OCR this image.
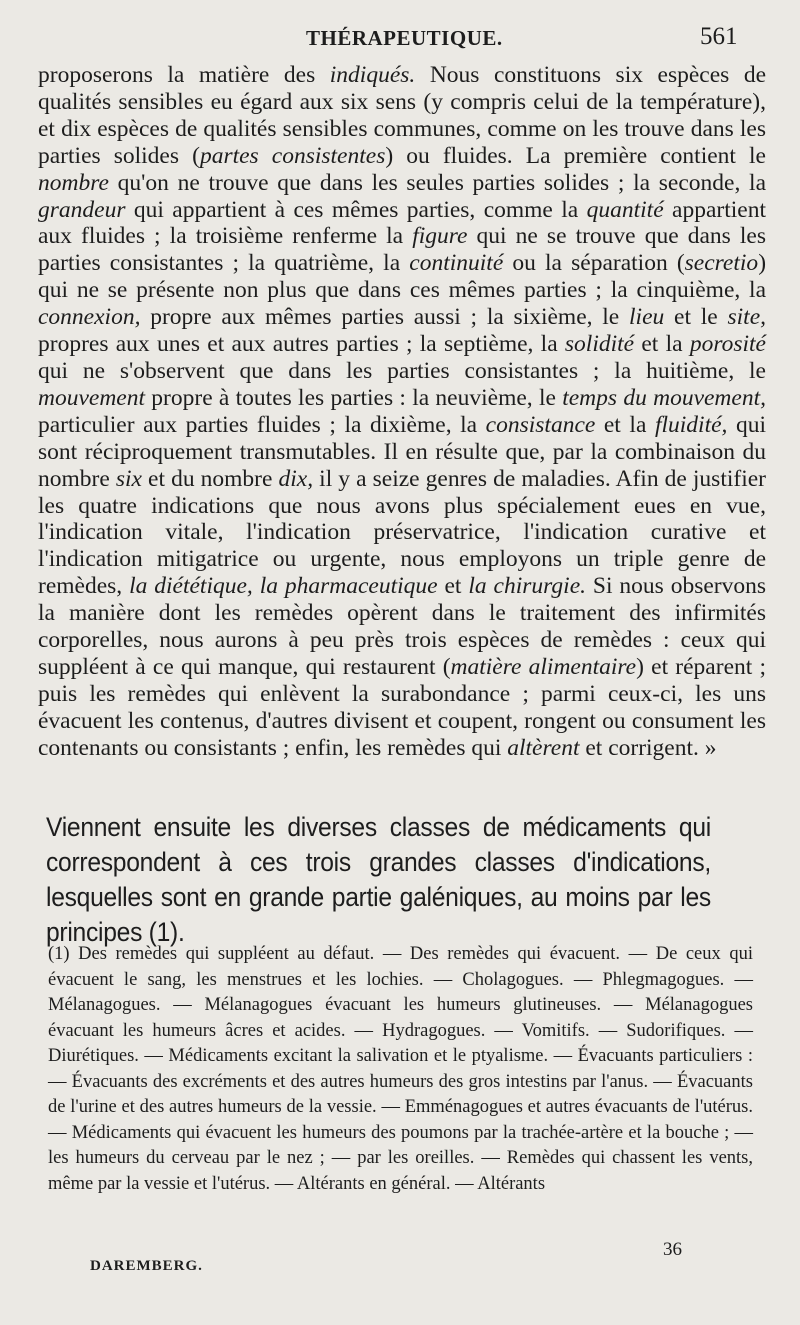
THÉRAPEUTIQUE.	561

proposerons la matière des indiqués. Nous constituons six espèces de qualités sensibles eu égard aux six sens (y compris celui de la température), et dix espèces de qualités sensibles communes, comme on les trouve dans les parties solides (partes consistentes) ou fluides. La première contient le nombre qu'on ne trouve que dans les seules parties solides ; la seconde, la grandeur qui appartient à ces mêmes parties, comme la quantité appartient aux fluides ; la troisième renferme la figure qui ne se trouve que dans les parties consistantes ; la quatrième, la continuité ou la séparation (secretio) qui ne se présente non plus que dans ces mêmes parties ; la cinquième, la connexion, propre aux mêmes parties aussi ; la sixième, le lieu et le site, propres aux unes et aux autres parties ; la septième, la solidité et la porosité qui ne s'observent que dans les parties consistantes ; la huitième, le mouvement propre à toutes les parties : la neuvième, le temps du mouvement, particulier aux parties fluides ; la dixième, la consistance et la fluidité, qui sont réciproquement transmutables. Il en résulte que, par la combinaison du nombre six et du nombre dix, il y a seize genres de maladies. Afin de justifier les quatre indications que nous avons plus spécialement eues en vue, l'indication vitale, l'indication préservatrice, l'indication curative et l'indication mitigatrice ou urgente, nous employons un triple genre de remèdes, la diététique, la pharmaceutique et la chirurgie. Si nous observons la manière dont les remèdes opèrent dans le traitement des infirmités corporelles, nous aurons à peu près trois espèces de remèdes : ceux qui suppléent à ce qui manque, qui restaurent (matière alimentaire) et réparent ; puis les remèdes qui enlèvent la surabondance ; parmi ceux-ci, les uns évacuent les contenus, d'autres divisent et coupent, rongent ou consument les contenants ou consistants ; enfin, les remèdes qui altèrent et corrigent. »

Viennent ensuite les diverses classes de médicaments qui correspondent à ces trois grandes classes d'indications, lesquelles sont en grande partie galéniques, au moins par les principes (1).

(1) Des remèdes qui suppléent au défaut. — Des remèdes qui évacuent. — De ceux qui évacuent le sang, les menstrues et les lochies. — Cholagogues. — Phlegmagogues. — Mélanagogues. — Mélanagogues évacuant les humeurs glutineuses. — Mélanagogues évacuant les humeurs âcres et acides. — Hydragogues. — Vomitifs. — Sudorifiques. — Diurétiques. — Médicaments excitant la salivation et le ptyalisme. — Évacuants particuliers : — Évacuants des excréments et des autres humeurs des gros intestins par l'anus. — Évacuants de l'urine et des autres humeurs de la vessie. — Emménagogues et autres évacuants de l'utérus. — Médicaments qui évacuent les humeurs des poumons par la trachée-artère et la bouche ; — les humeurs du cerveau par le nez ; — par les oreilles. — Remèdes qui chassent les vents, même par la vessie et l'utérus. — Altérants en général. — Altérants

DAREMBERG.
36
